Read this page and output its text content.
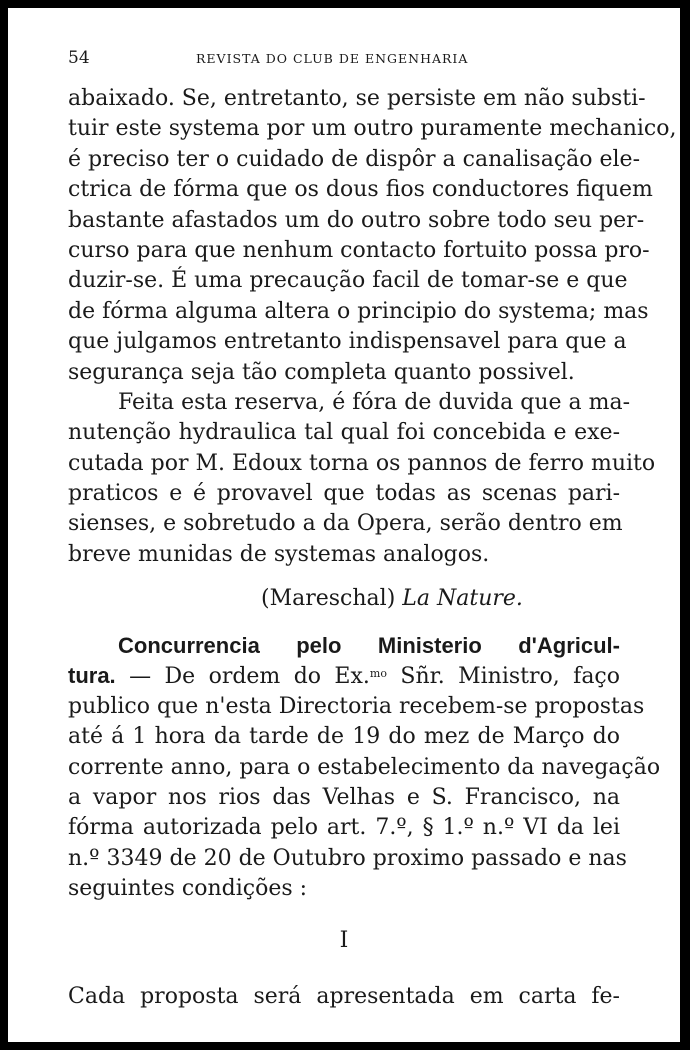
54	REVISTA DO CLUB DE ENGENHARIA
abaixado. Se, entretanto, se persiste em não substi-
tuir este systema por um outro puramente mechanico,
é preciso ter o cuidado de dispôr a canalisação ele-
ctrica de fórma que os dous fios conductores fiquem
bastante afastados um do outro sobre todo seu per-
curso para que nenhum contacto fortuito possa pro-
duzir-se. É uma precaução facil de tomar-se e que
de fórma alguma altera o principio do systema; mas
que julgamos entretanto indispensavel para que a
segurança seja tão completa quanto possivel.
Feita esta reserva, é fóra de duvida que a ma-
nutenção hydraulica tal qual foi concebida e exe-
cutada por M. Edoux torna os pannos de ferro muito
praticos e é provavel que todas as scenas pari-
sienses, e sobretudo a da Opera, serão dentro em
breve munidas de systemas analogos.
(Mareschal) La Nature.
Concurrencia pelo Ministerio d'Agricul-
tura. — De ordem do Ex.$^{mo}$ Sñr. Ministro, faço
publico que n'esta Directoria recebem-se propostas
até á 1 hora da tarde de 19 do mez de Março do
corrente anno, para o estabelecimento da navegação
a vapor nos rios das Velhas e S. Francisco, na
fórma autorizada pelo art. 7.º, § 1.º n.º VI da lei
n.º 3349 de 20 de Outubro proximo passado e nas
seguintes condições :
I
Cada proposta será apresentada em carta fe-
